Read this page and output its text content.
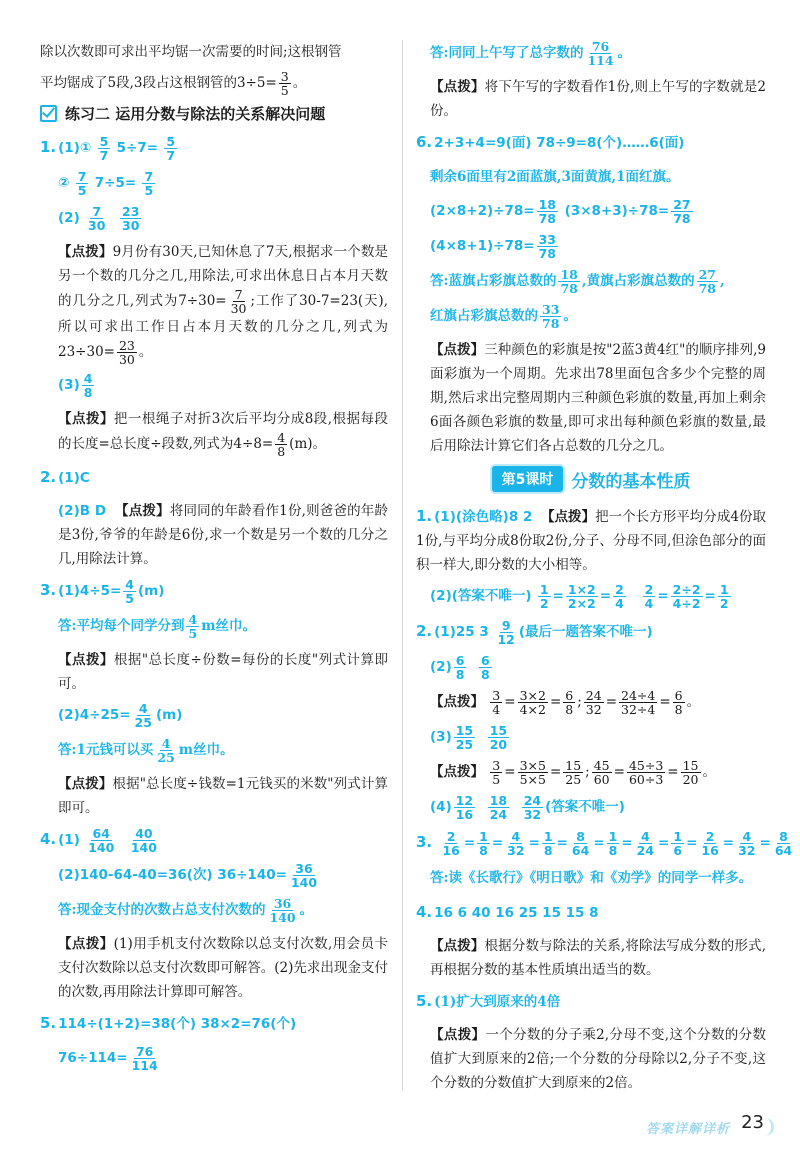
除以次数即可求出平均锯一次需要的时间;这根钢管

平均锯成了5段,3段占这根钢管的$3\div 5= \frac{3}{5}$ 。

练习二 运用分数与除法的关系解决问题
1. (1)① $\frac{5}{7} 5\div 7= \frac{5}{7}$
② $\frac{7}{5} 7\div 5= \frac{7}{5}$
$(2) \frac{7}{30}$
$\frac{23}{30}$

【点拨】9月份有30天,已知休息了7天,根据求一个数是另一个数的几分之几,用除法,可求出休息日占本月天数的几分之几,列式为$7\div 30= \frac{7}{30}$ ;工作了30-7=23(天),所以可求出工作日占本月天数的几分之几,列式为$23\div 30= \frac{23}{30}$ 。

$(3) \frac{4}{8}$

【点拨】把一根绳子对折3次后平均分成8段,根据每段的长度=总长度÷段数,列式为$4\div 8= \frac{4}{8} (m)$。

2. (1)C

(2)B D 【点拨】将同同的年龄看作1份,则爸爸的年龄是3份,爷爷的年龄是6份,求一个数是另一个数的几分之几,用除法计算。

3. $(1)4\div 5= \frac{4}{5} (m)$
答:平均每个同学分到 $\frac{4}{5}$ m丝巾。

【点拨】根据"总长度÷份数=每份的长度"列式计算即可。

$(2)4\div 25= \frac{4}{25} (m)$
答:1元钱可以买 $\frac{4}{25}$ m丝巾。

【点拨】根据"总长度÷钱数=1元钱买的米数"列式计算即可。

4. $(1) \frac{64}{140}$
$\frac{40}{140}$
(2)140-64-40=36(次) $36\div 140= \frac{36}{140}$
答:现金支付的次数占总支付次数的 $\frac{36}{140}$ 。

【点拨】(1)用手机支付次数除以总支付次数,用会员卡支付次数除以总支付次数即可解答。(2)先求出现金支付的次数,再用除法计算即可解答。

5. 114÷(1+2)=38(个) 38×2=76(个)
$76\div 114= \frac{76}{114}$
答:同同上午写了总字数的 $\frac{76}{114}$ 。

【点拨】将下午写的字数看作1份,则上午写的字数就是2份。

6. 2+3+4=9(面) 78÷9=8(个)……6(面)
剩余6面里有2面蓝旗,3面黄旗,1面红旗。
$(2\times 8+2)\div 78= \frac{18}{78} (3\times 8+3)\div 78= \frac{27}{78}$
$(4\times 8+1)\div 78= \frac{33}{78}$
答:蓝旗占彩旗总数的 $\frac{18}{78}$ ,黄旗占彩旗总数的 $\frac{27}{78}$ ,
红旗占彩旗总数的 $\frac{33}{78}$ 。

【点拨】三种颜色的彩旗是按"2蓝3黄4红"的顺序排列,9面彩旗为一个周期。先求出78里面包含多少个完整的周期,然后求出完整周期内三种颜色彩旗的数量,再加上剩余6面各颜色彩旗的数量,即可求出每种颜色彩旗的数量,最后用除法计算它们各占总数的几分之几。

第5课时	分数的基本性质

1. (1)(涂色略)8 2 【点拨】把一个长方形平均分成4份取1份,与平均分成8份取2份,分子、分母不同,但涂色部分的面积一样大,即分数的大小相等。

(2)(答案不唯一) $\frac{1}{2} = \frac{1\times 2}{2\times 2} = \frac{2}{4}$
$\frac{2}{4} = \frac{2\div 2}{4\div 2} = \frac{1}{2}$
2. (1)25 $3 \frac{9}{12}$ (最后一题答案不唯一)
$(2) \frac{6}{8}$
$\frac{6}{8}$
【点拨】 $\frac{3}{4} = \frac{3\times 2}{4\times 2} = \frac{6}{8}$ ; $\frac{24}{32} = \frac{24\div 4}{32\div 4} = \frac{6}{8}$ 。
$(3) \frac{15}{25}$
$\frac{15}{20}$
【点拨】 $\frac{3}{5} = \frac{3\times 5}{5\times 5} = \frac{15}{25}$ ; $\frac{45}{60} = \frac{45\div 3}{60\div 3} = \frac{15}{20}$ 。
$(4) \frac{12}{16}$
$\frac{18}{24}$
$\frac{24}{32}$ (答案不唯一)
3. $\frac{2}{16} = \frac{1}{8} = \frac{4}{32} = \frac{1}{8} = \frac{8}{64} = \frac{1}{8} = \frac{4}{24} = \frac{1}{6} = \frac{2}{16} = \frac{4}{32} = \frac{8}{64}$
答:读《长歌行》《明日歌》和《劝学》的同学一样多。
4. 16 6 40 16 25 15 15 8

【点拨】根据分数与除法的关系,将除法写成分数的形式,再根据分数的基本性质填出适当的数。

5. (1)扩大到原来的4倍

【点拨】一个分数的分子乘2,分母不变,这个分数的分数值扩大到原来的2倍;一个分数的分母除以2,分子不变,这个分数的分数值扩大到原来的2倍。

答案详解详析 23
